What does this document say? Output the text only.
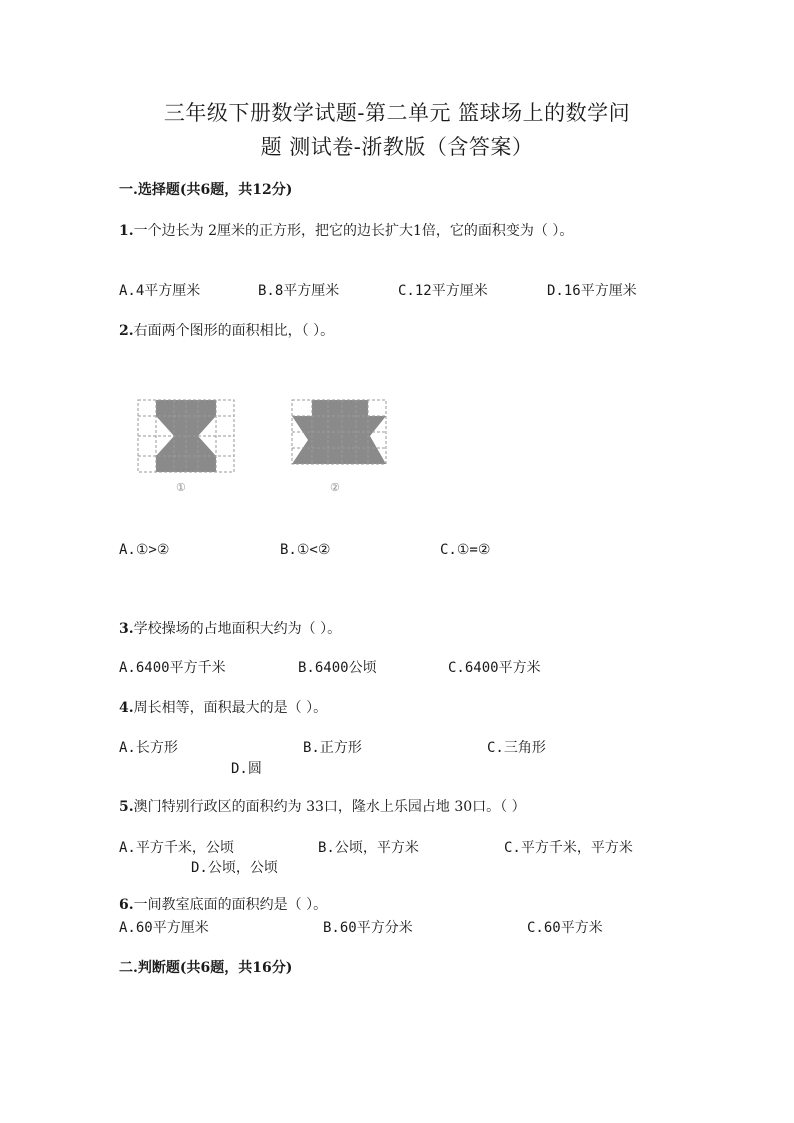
三年级下册数学试题-第二单元 篮球场上的数学问
题 测试卷-浙教版（含答案）
一.选择题(共6题，共12分)
1.一个边长为 2厘米的正方形，把它的边长扩大1倍，它的面积变为（ ）。
A.4平方厘米	B.8平方厘米	C.12平方厘米	D.16平方厘米
2.右面两个图形的面积相比，（ ）。
①	②
A.①>②	B.①<②	C.①=②
3.学校操场的占地面积大约为（ ）。
A.6400平方千米	B.6400公顷	C.6400平方米
4.周长相等，面积最大的是（ ）。
A.长方形	B.正方形	C.三角形
D.圆
5.澳门特别行政区的面积约为 33口，隆水上乐园占地 30口。（ ）
A.平方千米，公顷	B.公顷，平方米	C.平方千米，平方米
D.公顷，公顷
6.一间教室底面的面积约是（ ）。
A.60平方厘米	B.60平方分米	C.60平方米
二.判断题(共6题，共16分)
